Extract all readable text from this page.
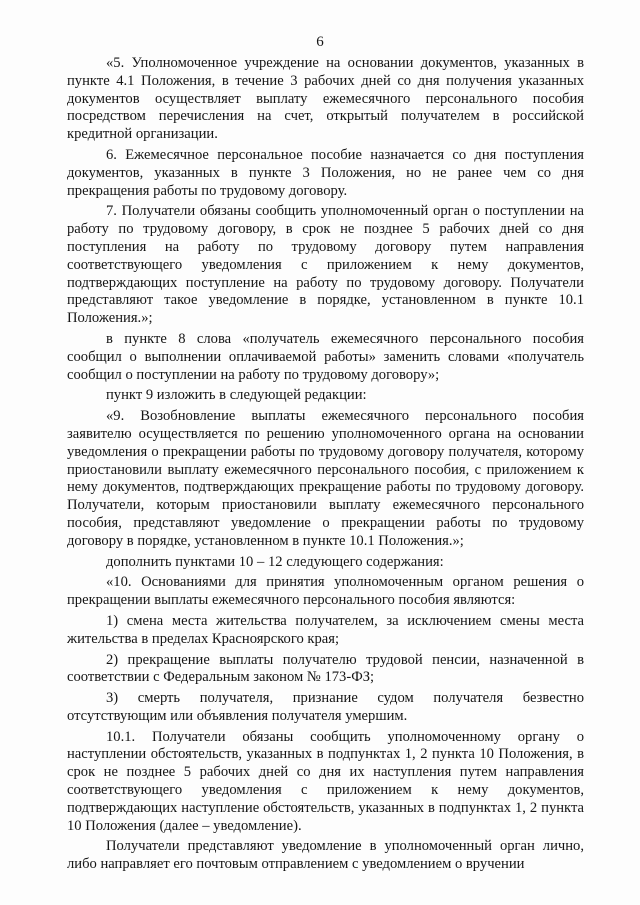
6

«5. Уполномоченное учреждение на основании документов, указанных в пункте 4.1 Положения, в течение 3 рабочих дней со дня получения указанных документов осуществляет выплату ежемесячного персонального пособия посредством перечисления на счет, открытый получателем в российской кредитной организации.

6. Ежемесячное персональное пособие назначается со дня поступления документов, указанных в пункте 3 Положения, но не ранее чем со дня прекращения работы по трудовому договору.

7. Получатели обязаны сообщить уполномоченный орган о поступлении на работу по трудовому договору, в срок не позднее 5 рабочих дней со дня поступления на работу по трудовому договору путем направления соответствующего уведомления с приложением к нему документов, подтверждающих поступление на работу по трудовому договору. Получатели представляют такое уведомление в порядке, установленном в пункте 10.1 Положения.»;

в пункте 8 слова «получатель ежемесячного персонального пособия сообщил о выполнении оплачиваемой работы» заменить словами «получатель сообщил о поступлении на работу по трудовому договору»;

пункт 9 изложить в следующей редакции:

«9. Возобновление выплаты ежемесячного персонального пособия заявителю осуществляется по решению уполномоченного органа на основании уведомления о прекращении работы по трудовому договору получателя, которому приостановили выплату ежемесячного персонального пособия, с приложением к нему документов, подтверждающих прекращение работы по трудовому договору. Получатели, которым приостановили выплату ежемесячного персонального пособия, представляют уведомление о прекращении работы по трудовому договору в порядке, установленном в пункте 10.1 Положения.»;

дополнить пунктами 10 – 12 следующего содержания:

«10. Основаниями для принятия уполномоченным органом решения о прекращении выплаты ежемесячного персонального пособия являются:

1) смена места жительства получателем, за исключением смены места жительства в пределах Красноярского края;

2) прекращение выплаты получателю трудовой пенсии, назначенной в соответствии с Федеральным законом № 173-ФЗ;

3) смерть получателя, признание судом получателя безвестно отсутствующим или объявления получателя умершим.

10.1. Получатели обязаны сообщить уполномоченному органу о наступлении обстоятельств, указанных в подпунктах 1, 2 пункта 10 Положения, в срок не позднее 5 рабочих дней со дня их наступления путем направления соответствующего уведомления с приложением к нему документов, подтверждающих наступление обстоятельств, указанных в подпунктах 1, 2 пункта 10 Положения (далее – уведомление).

Получатели представляют уведомление в уполномоченный орган лично, либо направляет его почтовым отправлением с уведомлением о вручении
